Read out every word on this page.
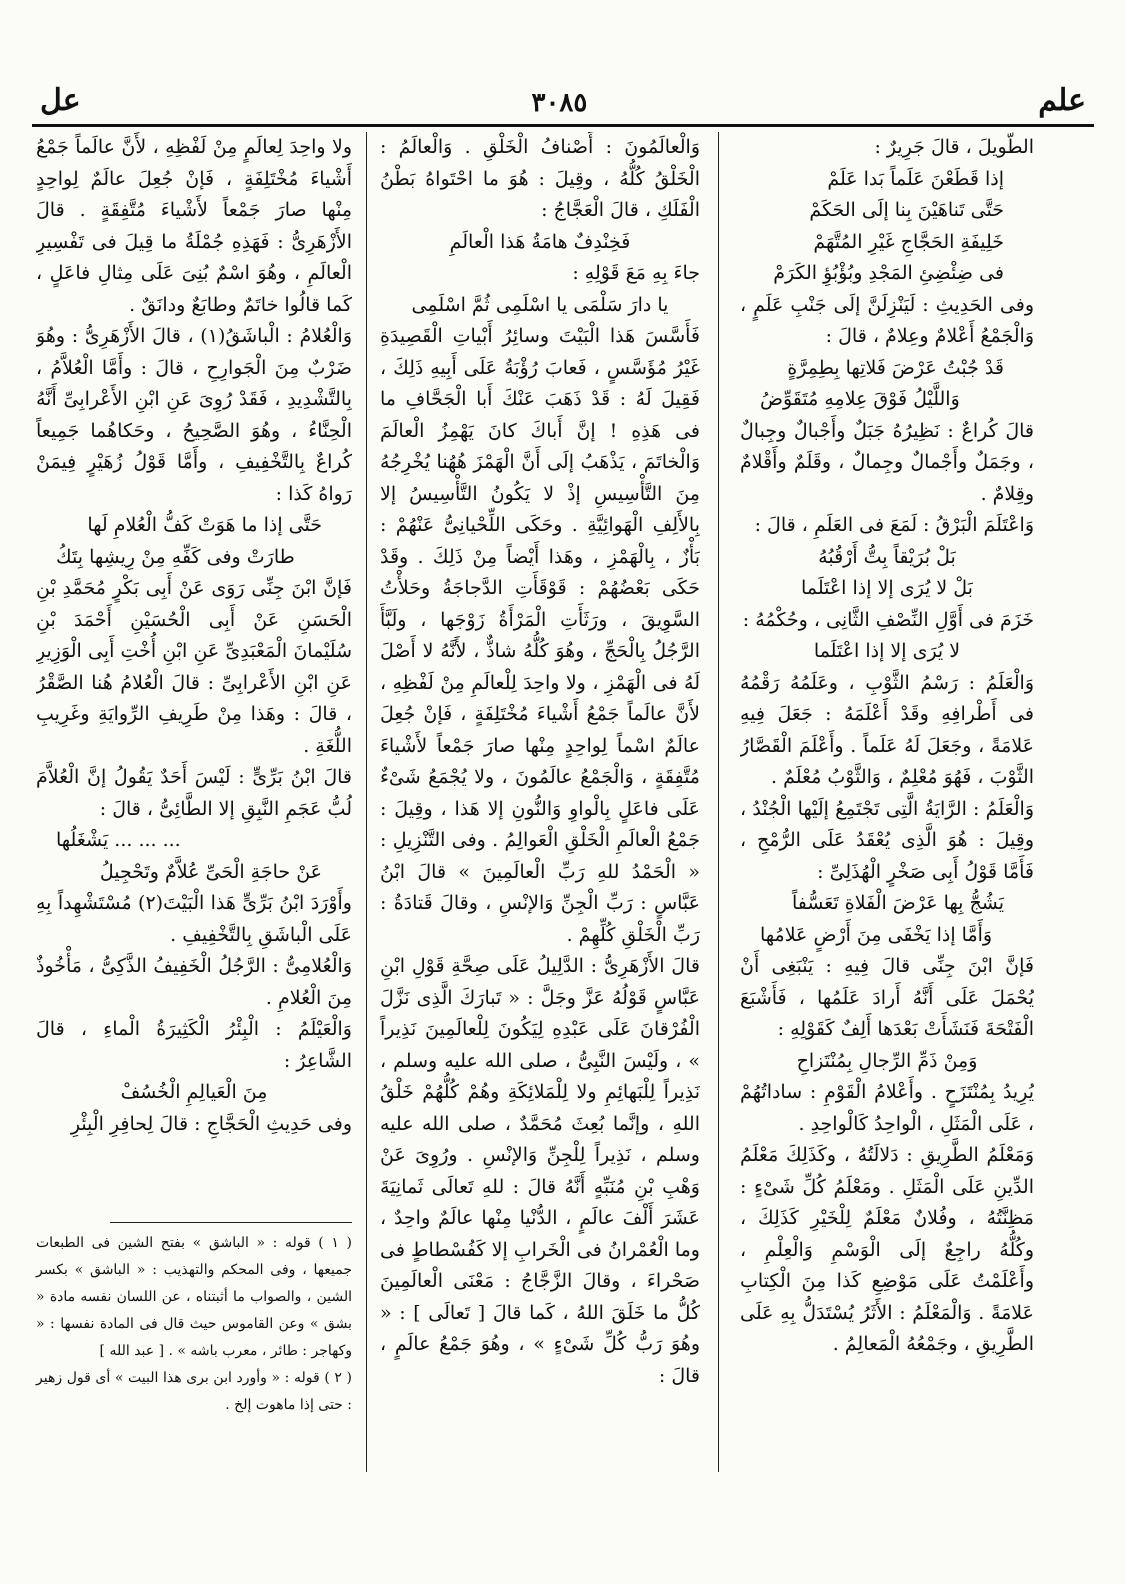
علم
٣٠٨٥
عل

الطَّويلَ ، قالَ جَرِيرٌ :

إذا قَطَعْنَ عَلَماً بَدا عَلَمْ

حَتَّى تَناهَيْنَ بِنا إلَى الحَكَمْ

خَلِيفَةِ الحَجَّاجِ غَيْرِ المُتَّهَمْ

فى ضِئْضِئِ المَجْدِ وبُؤْبُؤِ الكَرَمْ

وفى الحَدِيثِ : لَيَنْزِلَنَّ إلَى جَنْبِ عَلَمٍ ، وَالْجَمْعُ أَعْلامٌ وعِلامٌ ، قالَ :

قَدْ جُبْتُ عَرْضَ فَلاتِها بِطِمِرَّةٍ

وَاللَّيْلُ فَوْقَ عِلامِهِ مُتَقَوِّضُ

قالَ كُراعٌ : نَظِيرُهُ جَبَلٌ وأَجْبالٌ وجِبالٌ ، وجَمَلٌ وأَجْمالٌ وجِمالٌ ، وقَلَمٌ وأَقْلامٌ وقِلامٌ .

وَاعْتَلَمَ الْبَرْقُ : لَمَعَ فى العَلَمِ ، قالَ :

بَلْ بُرَيْقاً بِتُّ أَرْقُبُهُ

بَلْ لا يُرَى إلا إذا اعْتَلَما

خَزَمَ فى أَوَّلِ النِّصْفِ الثَّانِى ، وحُكْمُهُ :

لا يُرَى إلا إذا اعْتَلَما

وَالْعَلَمُ : رَسْمُ الثَّوْبِ ، وعَلَمُهُ رَقْمُهُ فى أَطْرافِهِ وقَدْ أَعْلَمَهُ : جَعَلَ فِيهِ عَلامَةً ، وجَعَلَ لَهُ عَلَماً . وأَعْلَمَ الْقَصَّارُ الثَّوْبَ ، فَهُوَ مُعْلِمٌ ، وَالثَّوْبُ مُعْلَمٌ .

وَالْعَلَمُ : الرَّايَةُ الَّتِى تَجْتَمِعُ إلَيْها الْجُنْدُ ، وقِيلَ : هُوَ الَّذِى يُعْقَدُ عَلَى الرُّمْحِ ، فَأَمَّا قَوْلُ أَبِى صَخْرٍ الْهُذَلِىِّ :

يَشُجُّ بِها عَرْضَ الْفَلاةِ تَعَسُّفاً

وَأَمَّا إذا يَخْفَى مِنَ أَرْضٍ عَلامُها

فَإنَّ ابْنَ جِنِّى قالَ فِيهِ : يَنْبَغِى أَنْ يُحْمَلَ عَلَى أَنَّهُ أَرادَ عَلَمُها ، فَأَشْبَعَ الْفَتْحَةَ فَنَشَأَتْ بَعْدَها أَلِفٌ كَقَوْلِهِ :

وَمِنْ ذَمِّ الرِّجالِ بِمُنْتَزاحِ

يُرِيدُ بِمُنْتَزَحٍ . وأَعْلامُ الْقَوْمِ : ساداتُهُمْ ، عَلَى الْمَثَلِ ، الْواحِدُ كَالْواحِدِ .

وَمَعْلَمُ الطَّرِيقِ : دَلالَتُهُ ، وكَذَلِكَ مَعْلَمُ الدِّينِ عَلَى الْمَثَلِ . ومَعْلَمُ كُلِّ شَىْءٍ : مَظِنَّتُهُ ، وفُلانٌ مَعْلَمٌ لِلْخَيْرِ كَذَلِكَ ، وكُلُّهُ راجِعٌ إلَى الْوَسْمِ وَالْعِلْمِ ، وأَعْلَمْتُ عَلَى مَوْضِعِ كَذا مِنَ الْكِتابِ عَلامَةً . وَالْمَعْلَمُ : الأَثَرُ يُسْتَدَلُّ بِهِ عَلَى الطَّرِيقِ ، وجَمْعُهُ الْمَعالِمُ .

وَالْعالَمُونَ : أَصْنافُ الْخَلْقِ . وَالْعالَمُ : الْخَلْقُ كُلُّهُ ، وقِيلَ : هُوَ ما احْتَواهُ بَطْنُ الْفَلَكِ ، قالَ الْعَجَّاجُ :

فَخِنْدِفٌ هامَةُ هَذا الْعالَمِ

جاءَ بِهِ مَعَ قَوْلِهِ :

يا دارَ سَلْمَى يا اسْلَمِى ثُمَّ اسْلَمِى

فَأَسَّسَ هَذا الْبَيْتَ وسائِرُ أَبْياتِ الْقَصِيدَةِ غَيْرُ مُؤَسَّسٍ ، فَعابَ رُؤْبَةُ عَلَى أَبِيهِ ذَلِكَ ، فَقِيلَ لَهُ : قَدْ ذَهَبَ عَنْكَ أَبا الْجَحَّافِ ما فى هَذِهِ ! إنَّ أَباكَ كانَ يَهْمِزُ الْعالَمَ وَالْخاتَمَ ، يَذْهَبُ إلَى أَنَّ الْهَمْزَ هُهُنا يُخْرِجُهُ مِنَ التَّأْسِيسِ إذْ لا يَكُونُ التَّأْسِيسُ إلا بِالأَلِفِ الْهَوائِيَّةِ . وحَكَى اللِّحْيانِىُّ عَنْهُمْ : بَأْزٌ ، بِالْهَمْزِ ، وهَذا أَيْضاً مِنْ ذَلِكَ . وقَدْ حَكَى بَعْضُهُمْ : قَوْقَأَتِ الدَّجاجَةُ وحَلأْتُ السَّوِيقَ ، ورَثَأَتِ الْمَرْأَةُ زَوْجَها ، ولَبَّأَ الرَّجُلُ بِالْحَجِّ ، وهُوَ كُلُّهُ شاذٌّ ، لأَنَّهُ لا أَصْلَ لَهُ فى الْهَمْزِ ، ولا واحِدَ لِلْعالَمِ مِنْ لَفْظِهِ ، لأَنَّ عالَماً جَمْعُ أَشْياءَ مُخْتَلِفَةٍ ، فَإنْ جُعِلَ عالَمٌ اسْماً لِواحِدٍ مِنْها صارَ جَمْعاً لأَشْياءَ مُتَّفِقَةٍ ، وَالْجَمْعُ عالَمُونَ ، ولا يُجْمَعُ شَىْءٌ عَلَى فاعَلٍ بِالْواوِ وَالنُّونِ إلا هَذا ، وقِيلَ : جَمْعُ الْعالَمِ الْخَلْقِ الْعَوالِمُ . وفى التَّنْزِيلِ : « الْحَمْدُ للهِ رَبِّ الْعالَمِينَ » قالَ ابْنُ عَبَّاسٍ : رَبِّ الْجِنِّ وَالإنْسِ ، وقالَ قَتادَةُ : رَبِّ الْخَلْقِ كُلِّهِمْ .

قالَ الأَزْهَرِىُّ : الدَّلِيلُ عَلَى صِحَّةِ قَوْلِ ابْنِ عَبَّاسٍ قَوْلُهُ عَزَّ وجَلَّ : « تَبارَكَ الَّذِى نَزَّلَ الْفُرْقانَ عَلَى عَبْدِهِ لِيَكُونَ لِلْعالَمِينَ نَذِيراً » ، ولَيْسَ النَّبِىُّ ، صلى الله عليه وسلم ، نَذِيراً لِلْبَهائِمِ ولا لِلْمَلائِكَةِ وهُمْ كُلُّهُمْ خَلْقُ اللهِ ، وإنَّما بُعِثَ مُحَمَّدٌ ، صلى الله عليه وسلم ، نَذِيراً لِلْجِنِّ وَالإنْسِ . ورُوِىَ عَنْ وَهْبِ بْنِ مُنَبِّهٍ أَنَّهُ قالَ : للهِ تَعالَى ثَمانِيَةَ عَشَرَ أَلْفَ عالَمٍ ، الدُّنْيا مِنْها عالَمٌ واحِدٌ ، وما الْعُمْرانُ فى الْخَرابِ إلا كَفُسْطاطٍ فى صَحْراءَ ، وقالَ الزَّجَّاجُ : مَعْنَى الْعالَمِينَ كُلُّ ما خَلَقَ اللهُ ، كَما قالَ [ تَعالَى ] : « وهُوَ رَبُّ كُلِّ شَىْءٍ » ، وهُوَ جَمْعُ عالَمٍ ، قالَ :

ولا واحِدَ لِعالَمٍ مِنْ لَفْظِهِ ، لأَنَّ عالَماً جَمْعُ أَشْياءَ مُخْتَلِفَةٍ ، فَإنْ جُعِلَ عالَمٌ لِواحِدٍ مِنْها صارَ جَمْعاً لأَشْياءَ مُتَّفِقَةٍ . قالَ الأَزْهَرِىُّ : فَهَذِهِ جُمْلَةُ ما قِيلَ فى تَفْسِيرِ الْعالَمِ ، وهُوَ اسْمٌ بُنِىَ عَلَى مِثالِ فاعَلٍ ، كَما قالُوا خاتَمٌ وطابَعٌ ودانَقٌ .

وَالْعُلامُ : الْباشَقُ(١) ، قالَ الأَزْهَرِىُّ : وهُوَ ضَرْبٌ مِنَ الْجَوارِحِ ، قالَ : وأَمَّا الْعُلاَّمُ ، بِالتَّشْدِيدِ ، فَقَدْ رُوِىَ عَنِ ابْنِ الأَعْرابِىِّ أَنَّهُ الْحِنَّاءُ ، وهُوَ الصَّحِيحُ ، وحَكاهُما جَمِيعاً كُراعٌ بِالتَّخْفِيفِ ، وأَمَّا قَوْلُ زُهَيْرٍ فِيمَنْ رَواهُ كَذا :

حَتَّى إذا ما هَوَتْ كَفُّ الْعُلامِ لَها

طارَتْ وفى كَفِّهِ مِنْ رِيشِها بِتَكُ

فَإنَّ ابْنَ جِنِّى رَوَى عَنْ أَبِى بَكْرٍ مُحَمَّدِ بْنِ الْحَسَنِ عَنْ أَبِى الْحُسَيْنِ أَحْمَدَ بْنِ سُلَيْمانَ الْمَعْبَدِىِّ عَنِ ابْنِ أُخْتِ أَبِى الْوَزِيرِ عَنِ ابْنِ الأَعْرابِىِّ : قالَ الْعُلامُ هُنا الصَّقْرُ ، قالَ : وهَذا مِنْ طَرِيفِ الرِّوايَةِ وغَرِيبِ اللُّغَةِ .

قالَ ابْنُ بَرِّىٍّ : لَيْسَ أَحَدٌ يَقُولُ إنَّ الْعُلاَّمَ لُبُّ عَجَمِ النَّبِقِ إلا الطَّائِىُّ ، قالَ :

... ... ... يَشْغَلُها

عَنْ حاجَةِ الْحَىِّ عُلاَّمٌ وتَحْجِيلُ

وأَوْرَدَ ابْنُ بَرِّىٍّ هَذا الْبَيْتَ(٢) مُسْتَشْهِداً بِهِ عَلَى الْباشَقِ بِالتَّخْفِيفِ .

وَالْعُلامِىُّ : الرَّجُلُ الْخَفِيفُ الذَّكِىُّ ، مَأْخُوذٌ مِنَ الْعُلامِ .

وَالْعَيْلَمُ : الْبِئْرُ الْكَثِيرَةُ الْماءِ ، قالَ الشَّاعِرُ :

مِنَ الْعَيالِمِ الْخُسُفْ

وفى حَدِيثِ الْحَجَّاجِ : قالَ لِحافِرِ الْبِئْرِ

( ١ ) قوله : « الباشق » بفتح الشين فى الطبعات جميعها ، وفى المحكم والتهذيب : « الباشق » بكسر الشين ، والصواب ما أثبتناه ، عن اللسان نفسه مادة « بشق » وعن القاموس حيث قال فى المادة نفسها : « وكهاجر : طائر ، معرب باشه » . [ عبد الله ]

( ٢ ) قوله : « وأورد ابن برى هذا البيت » أى قول زهير : حتى إذا ماهوت إلخ .
